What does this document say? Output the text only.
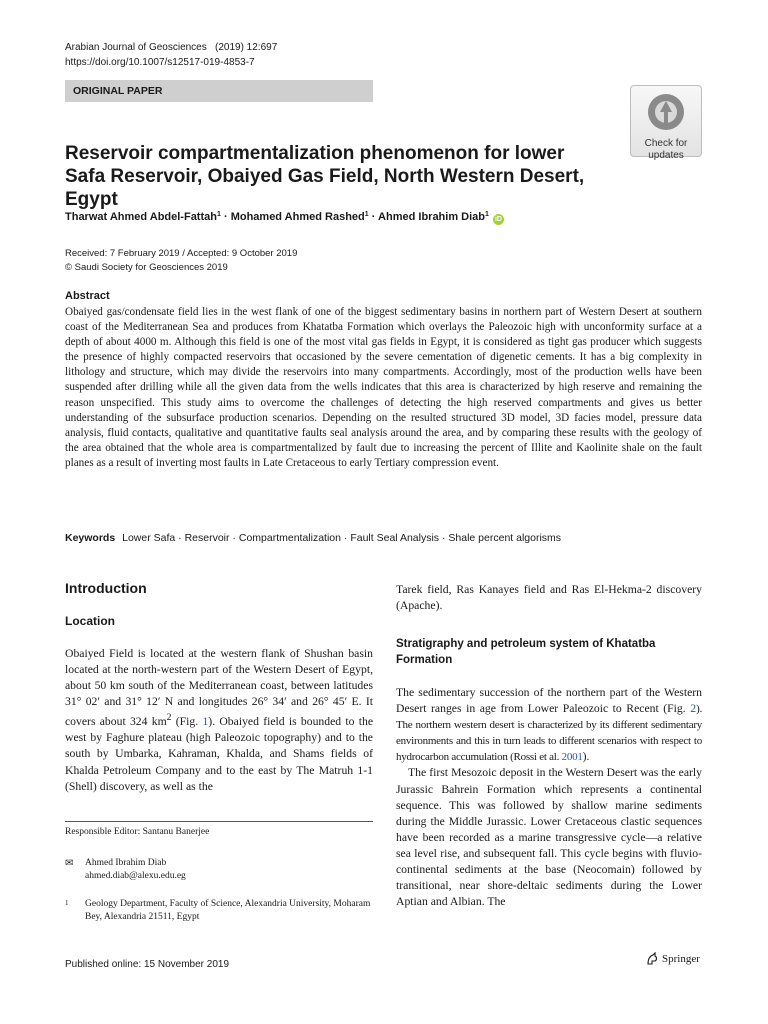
Arabian Journal of Geosciences (2019) 12:697
https://doi.org/10.1007/s12517-019-4853-7
ORIGINAL PAPER
Check for
updates
Reservoir compartmentalization phenomenon for lower Safa Reservoir, Obaiyed Gas Field, North Western Desert, Egypt
Tharwat Ahmed Abdel-Fattah$^1$ · Mohamed Ahmed Rashed$^1$ · Ahmed Ibrahim Diab$^1$ iD
Received: 7 February 2019 / Accepted: 9 October 2019
© Saudi Society for Geosciences 2019
Abstract
Obaiyed gas/condensate field lies in the west flank of one of the biggest sedimentary basins in northern part of Western Desert at southern coast of the Mediterranean Sea and produces from Khatatba Formation which overlays the Paleozoic high with unconformity surface at a depth of about 4000 m. Although this field is one of the most vital gas fields in Egypt, it is considered as tight gas producer which suggests the presence of highly compacted reservoirs that occasioned by the severe cementation of digenetic cements. It has a big complexity in lithology and structure, which may divide the reservoirs into many compartments. Accordingly, most of the production wells have been suspended after drilling while all the given data from the wells indicates that this area is characterized by high reserve and remaining the reason unspecified. This study aims to overcome the challenges of detecting the high reserved compartments and gives us better understanding of the subsurface production scenarios. Depending on the resulted structured 3D model, 3D facies model, pressure data analysis, fluid contacts, qualitative and quantitative faults seal analysis around the area, and by comparing these results with the geology of the area obtained that the whole area is compartmentalized by fault due to increasing the percent of Illite and Kaolinite shale on the fault planes as a result of inverting most faults in Late Cretaceous to early Tertiary compression event.
Keywords Lower Safa · Reservoir · Compartmentalization · Fault Seal Analysis · Shale percent algorisms
Introduction
Location
Obaiyed Field is located at the western flank of Shushan basin located at the north-western part of the Western Desert of Egypt, about 50 km south of the Mediterranean coast, between latitudes 31° 02′ and 31° 12′ N and longitudes 26° 34′ and 26° 45′ E. It covers about 324 $km^2$ (Fig. 1). Obaiyed field is bounded to the west by Faghure plateau (high Paleozoic topography) and to the south by Umbarka, Kahraman, Khalda, and Shams fields of Khalda Petroleum Company and to the east by The Matruh 1-1 (Shell) discovery, as well as the
Responsible Editor: Santanu Banerjee
✉ Ahmed Ibrahim Diab
ahmed.diab@alexu.edu.eg
1 Geology Department, Faculty of Science, Alexandria University, Moharam Bey, Alexandria 21511, Egypt
Tarek field, Ras Kanayes field and Ras El-Hekma-2 discovery (Apache).
Stratigraphy and petroleum system of Khatatba Formation

The sedimentary succession of the northern part of the Western Desert ranges in age from Lower Paleozoic to Recent (Fig. 2). The northern western desert is characterized by its different sedimentary environments and this in turn leads to different scenarios with respect to hydrocarbon accumulation (Rossi et al. 2001).

The first Mesozoic deposit in the Western Desert was the early Jurassic Bahrein Formation which represents a continental sequence. This was followed by shallow marine sediments during the Middle Jurassic. Lower Cretaceous clastic sequences have been recorded as a marine transgressive cycle—a relative sea level rise, and subsequent fall. This cycle begins with fluvio-continental sediments at the base (Neocomain) followed by transitional, near shore-deltaic sediments during the Lower Aptian and Albian. The

Published online: 15 November 2019	Springer
